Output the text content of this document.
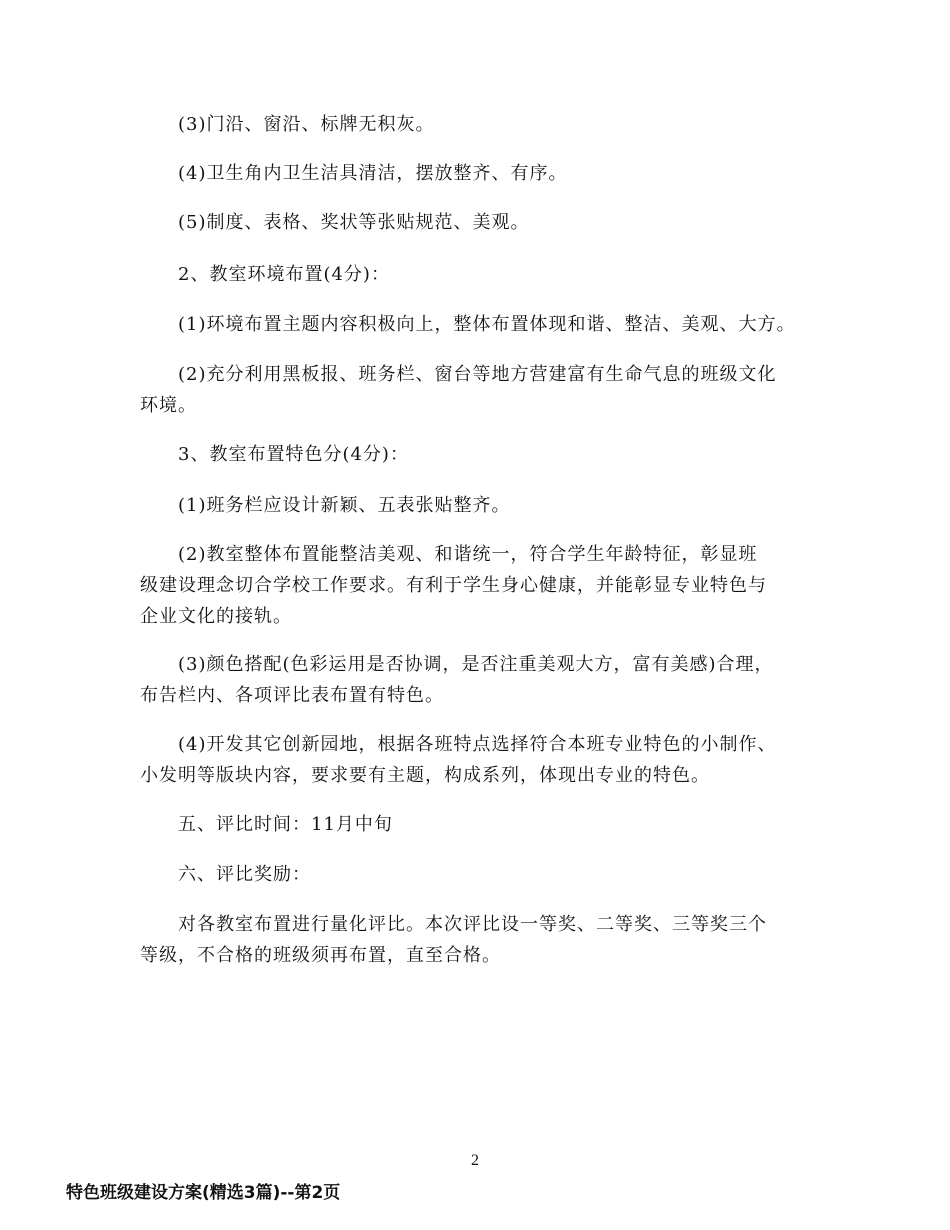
(3)门沿、窗沿、标牌无积灰。

(4)卫生角内卫生洁具清洁，摆放整齐、有序。

(5)制度、表格、奖状等张贴规范、美观。

2、教室环境布置(4分)：

(1)环境布置主题内容积极向上，整体布置体现和谐、整洁、美观、大方。

(2)充分利用黑板报、班务栏、窗台等地方营建富有生命气息的班级文化
环境。

3、教室布置特色分(4分)：

(1)班务栏应设计新颖、五表张贴整齐。

(2)教室整体布置能整洁美观、和谐统一，符合学生年龄特征，彰显班
级建设理念切合学校工作要求。有利于学生身心健康，并能彰显专业特色与
企业文化的接轨。

(3)颜色搭配(色彩运用是否协调，是否注重美观大方，富有美感)合理，
布告栏内、各项评比表布置有特色。

(4)开发其它创新园地，根据各班特点选择符合本班专业特色的小制作、
小发明等版块内容，要求要有主题，构成系列，体现出专业的特色。

五、评比时间：11月中旬

六、评比奖励：

对各教室布置进行量化评比。本次评比设一等奖、二等奖、三等奖三个
等级，不合格的班级须再布置，直至合格。

2
特色班级建设方案(精选3篇)--第2页
